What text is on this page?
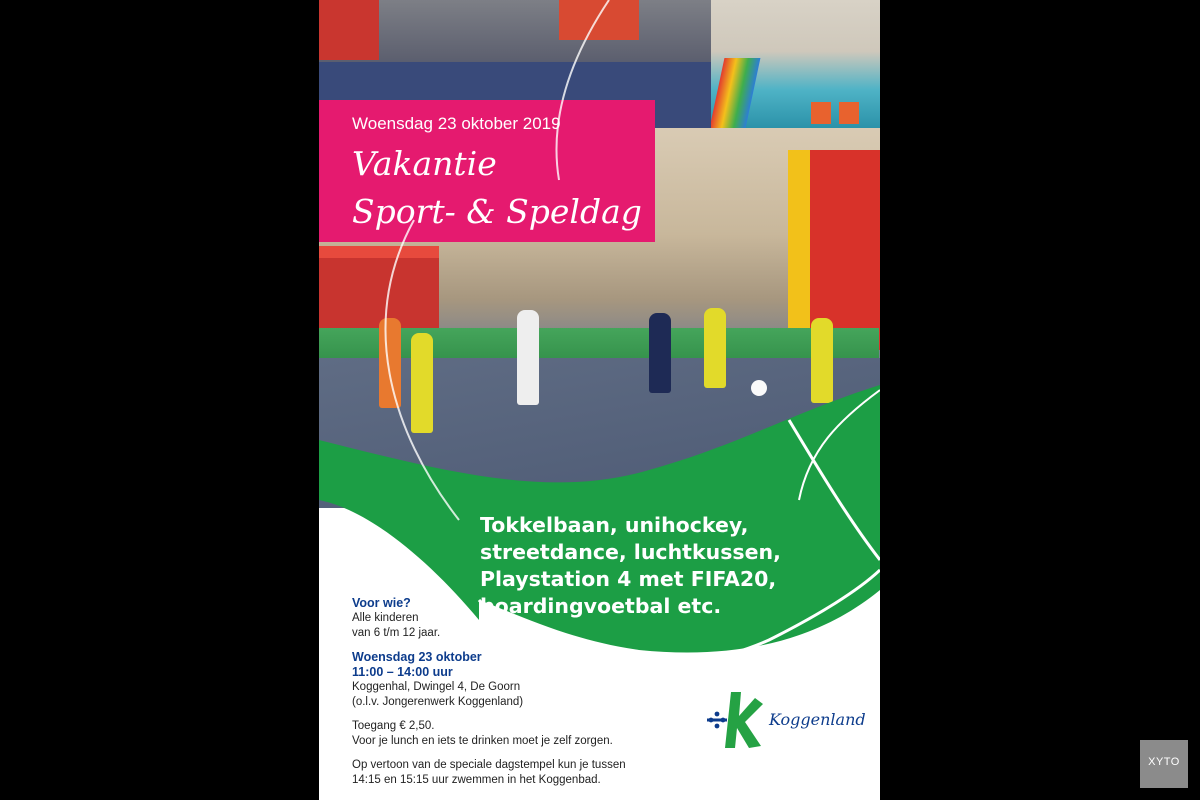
Woensdag 23 oktober 2019
Vakantie
Sport- & Speldag
Tokkelbaan, unihockey,
streetdance, luchtkussen,
Playstation 4 met FIFA20,
boardingvoetbal etc.
Voor wie?
Alle kinderen
van 6 t/m 12 jaar.
Woensdag 23 oktober
11:00 – 14:00 uur
Koggenhal, Dwingel 4, De Goorn
(o.l.v. Jongerenwerk Koggenland)
Toegang € 2,50.
Voor je lunch en iets te drinken moet je zelf zorgen.
Op vertoon van de speciale dagstempel kun je tussen
14:15 en 15:15 uur zwemmen in het Koggenbad.
Koggenland
XYTO
